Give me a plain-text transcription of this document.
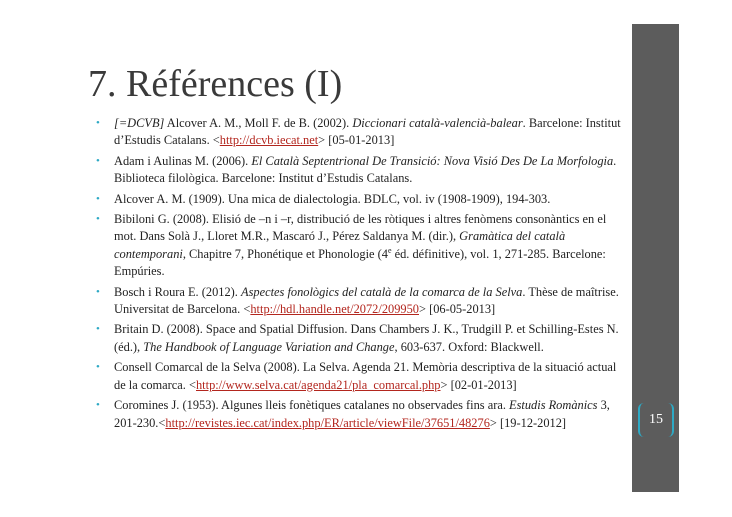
15
7. Références (I)
• [=DCVB] Alcover A. M., Moll F. de B. (2002). Diccionari català-valencià-balear. Barcelone: Institut d’Estudis Catalans. <http://dcvb.iecat.net> [05-01-2013]
• Adam i Aulinas M. (2006). El Català Septentrional De Transició: Nova Visió Des De La Morfologia. Biblioteca filològica. Barcelone: Institut d’Estudis Catalans.
• Alcover A. M. (1909). Una mica de dialectologia. BDLC, vol. iv (1908-1909), 194-303.
• Bibiloni G. (2008). Elisió de –n i –r, distribució de les ròtiques i altres fenòmens consonàntics en el mot. Dans Solà J., Lloret M.R., Mascaró J., Pérez Saldanya M. (dir.), Gramàtica del català contemporani, Chapitre 7, Phonétique et Phonologie (4e éd. définitive), vol. 1, 271-285. Barcelone: Empúries.
• Bosch i Roura E. (2012). Aspectes fonològics del català de la comarca de la Selva. Thèse de maîtrise. Universitat de Barcelona. <http://hdl.handle.net/2072/209950> [06-05-2013]
• Britain D. (2008). Space and Spatial Diffusion. Dans Chambers J. K., Trudgill P. et Schilling-Estes N. (éd.), The Handbook of Language Variation and Change, 603-637. Oxford: Blackwell.
• Consell Comarcal de la Selva (2008). La Selva. Agenda 21. Memòria descriptiva de la situació actual de la comarca. <http://www.selva.cat/agenda21/pla_comarcal.php> [02-01-2013]
• Coromines J. (1953). Algunes lleis fonètiques catalanes no observades fins ara. Estudis Romànics 3, 201-230.<http://revistes.iec.cat/index.php/ER/article/viewFile/37651/48276> [19-12-2012]
